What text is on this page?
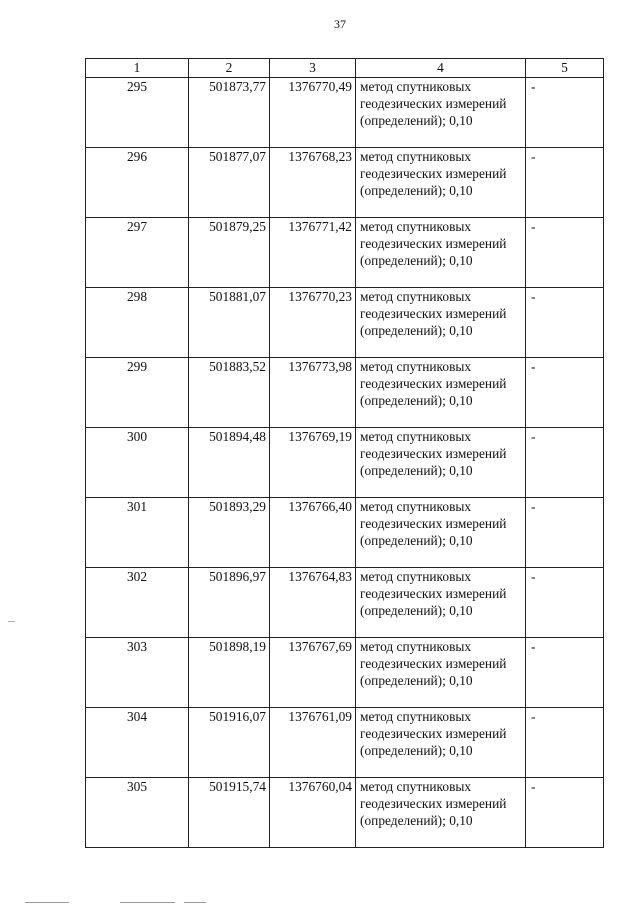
37
1	2	3	4	5
295	501873,77	1376770,49	метод спутниковых геодезических измерений (определений); 0,10	-
296	501877,07	1376768,23	метод спутниковых геодезических измерений (определений); 0,10	-
297	501879,25	1376771,42	метод спутниковых геодезических измерений (определений); 0,10	-
298	501881,07	1376770,23	метод спутниковых геодезических измерений (определений); 0,10	-
299	501883,52	1376773,98	метод спутниковых геодезических измерений (определений); 0,10	-
300	501894,48	1376769,19	метод спутниковых геодезических измерений (определений); 0,10	-
301	501893,29	1376766,40	метод спутниковых геодезических измерений (определений); 0,10	-
302	501896,97	1376764,83	метод спутниковых геодезических измерений (определений); 0,10	-
303	501898,19	1376767,69	метод спутниковых геодезических измерений (определений); 0,10	-
304	501916,07	1376761,09	метод спутниковых геодезических измерений (определений); 0,10	-
305	501915,74	1376760,04	метод спутниковых геодезических измерений (определений); 0,10	-
